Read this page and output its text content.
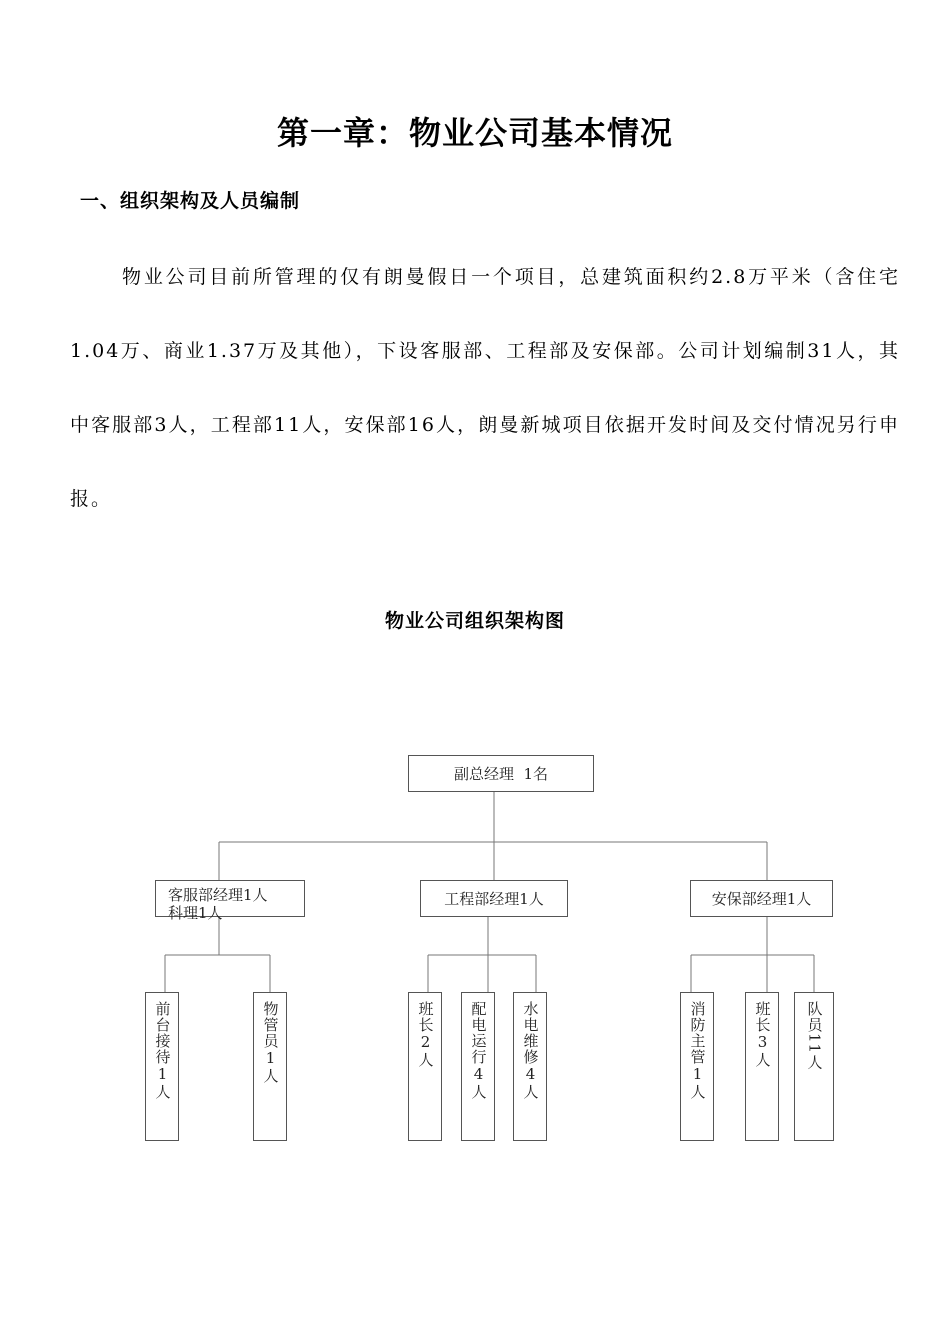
第一章：物业公司基本情况
一、组织架构及人员编制

物业公司目前所管理的仅有朗曼假日一个项目，总建筑面积约2.8万平米（含住宅1.04万、商业1.37万及其他），下设客服部、工程部及安保部。公司计划编制31人，其中客服部3人，工程部11人，安保部16人，朗曼新城项目依据开发时间及交付情况另行申报。

物业公司组织架构图
副总经理  1名
客服部经理1人
科理1人
工程部经理1人	安保部经理1人
前台接待1人	物管员1人	班长2人 配电运行4人 水电维修4人	消防主管1人	班长3人 队员11人
